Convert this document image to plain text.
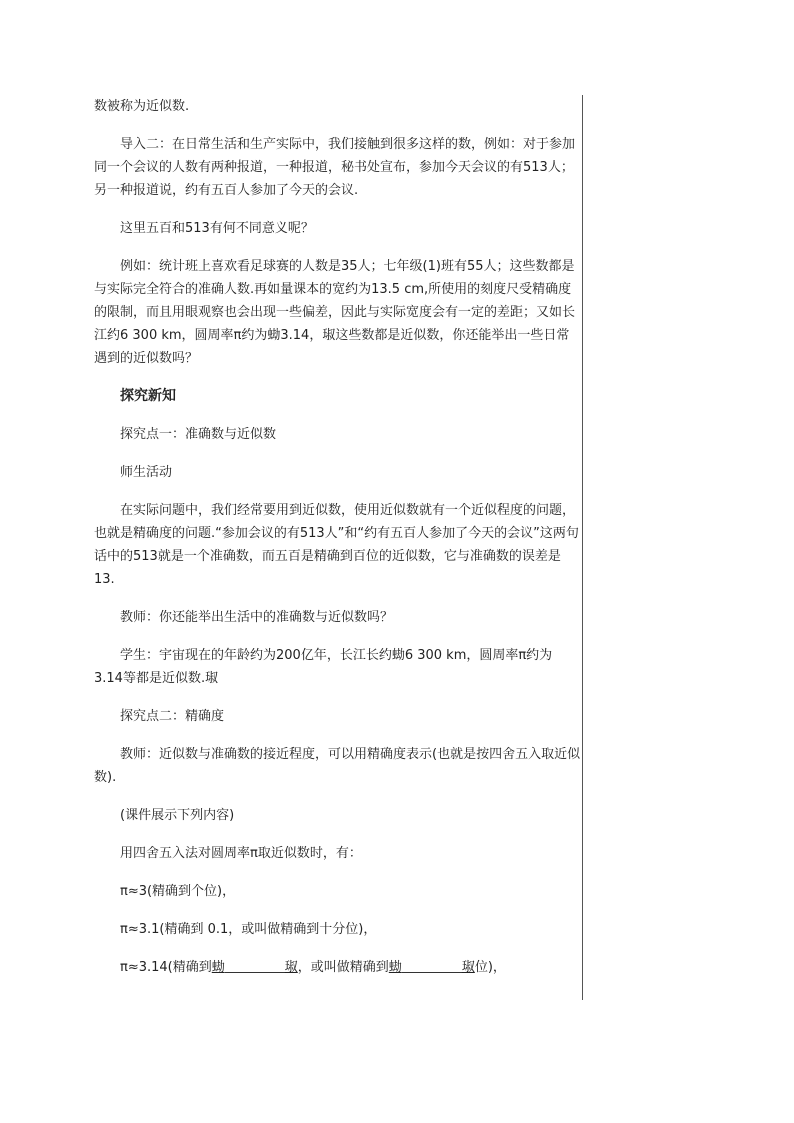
数被称为近似数.

导入二：在日常生活和生产实际中，我们接触到很多这样的数，例如：对于参加同一个会议的人数有两种报道，一种报道，秘书处宣布，参加今天会议的有513人；另一种报道说，约有五百人参加了今天的会议.

这里五百和513有何不同意义呢？

例如：统计班上喜欢看足球赛的人数是35人；七年级(1)班有55人；这些数都是与实际完全符合的准确人数.再如量课本的宽约为13.5 cm,所使用的刻度尺受精确度的限制，而且用眼观察也会出现一些偏差，因此与实际宽度会有一定的差距；又如长江约6 300 km，圆周率π约为蜐3.14，琡这些数都是近似数，你还能举出一些日常遇到的近似数吗？

探究新知

探究点一：准确数与近似数

师生活动

在实际问题中，我们经常要用到近似数，使用近似数就有一个近似程度的问题，也就是精确度的问题.“参加会议的有513人”和“约有五百人参加了今天的会议”这两句话中的513就是一个准确数，而五百是精确到百位的近似数，它与准确数的误差是13.

教师：你还能举出生活中的准确数与近似数吗？

学生：宇宙现在的年龄约为200亿年，长江长约蜐6 300 km，圆周率π约为3.14等都是近似数.琡

探究点二：精确度

教师：近似数与准确数的接近程度，可以用精确度表示(也就是按四舍五入取近似数).

(课件展示下列内容)

用四舍五入法对圆周率π取近似数时，有：

π≈3(精确到个位)，

π≈3.1(精确到 0.1，或叫做精确到十分位)，

π≈3.14(精确到蜐	琡，或叫做精确到蜐	琡位)，
